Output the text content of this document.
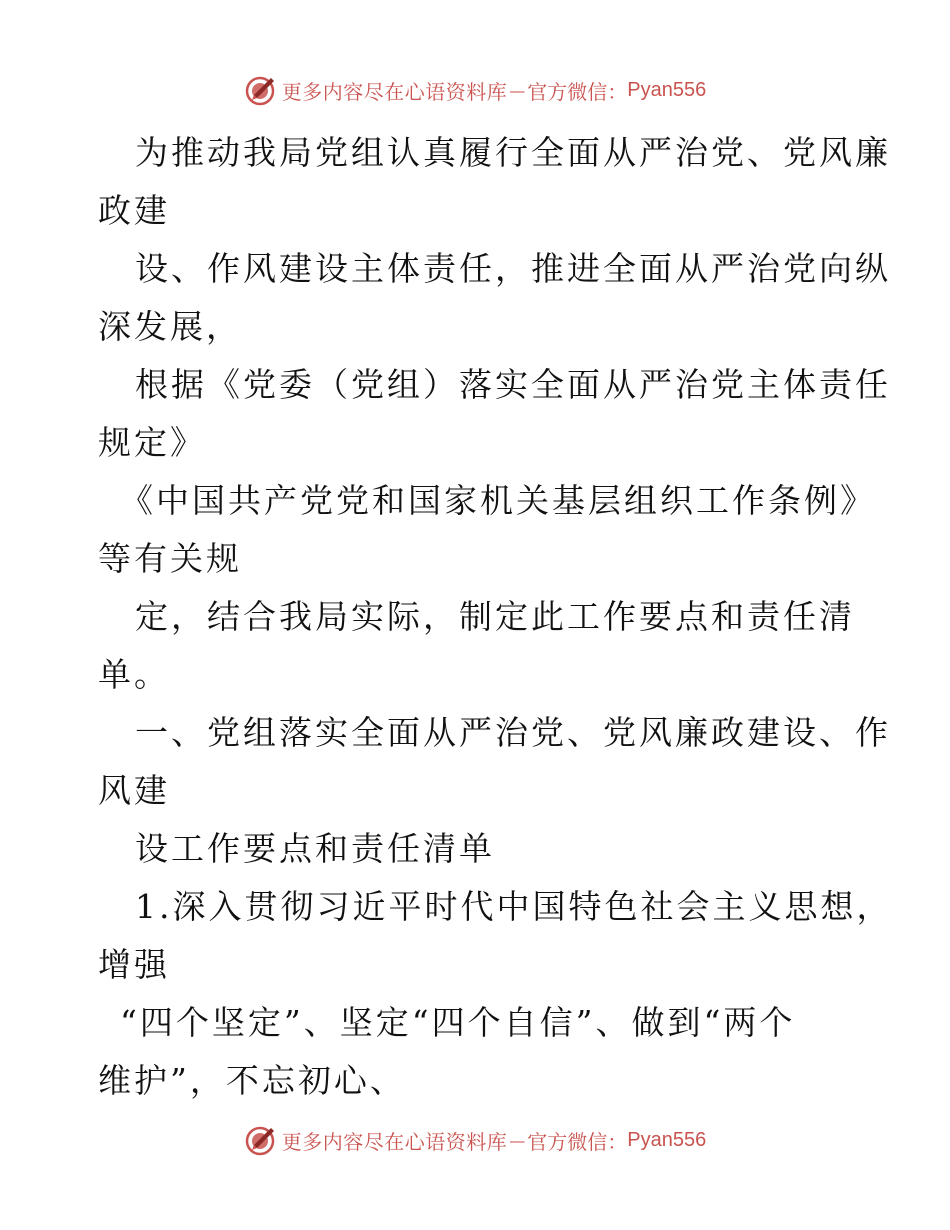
更多内容尽在心语资料库 — 官方微信： Pyan556

为推动我局党组认真履行全面从严治党、党风廉

政建

设、作风建设主体责任，推进全面从严治党向纵

深发展，

根据《党委（党组）落实全面从严治党主体责任

规定》

《中国共产党党和国家机关基层组织工作条例》

等有关规

定，结合我局实际，制定此工作要点和责任清

单。

一、党组落实全面从严治党、党风廉政建设、作

风建

设工作要点和责任清单

1.深入贯彻习近平时代中国特色社会主义思想，

增强

“四个坚定”、坚定“四个自信”、做到“两个

维护”，不忘初心、

更多内容尽在心语资料库 — 官方微信： Pyan556
